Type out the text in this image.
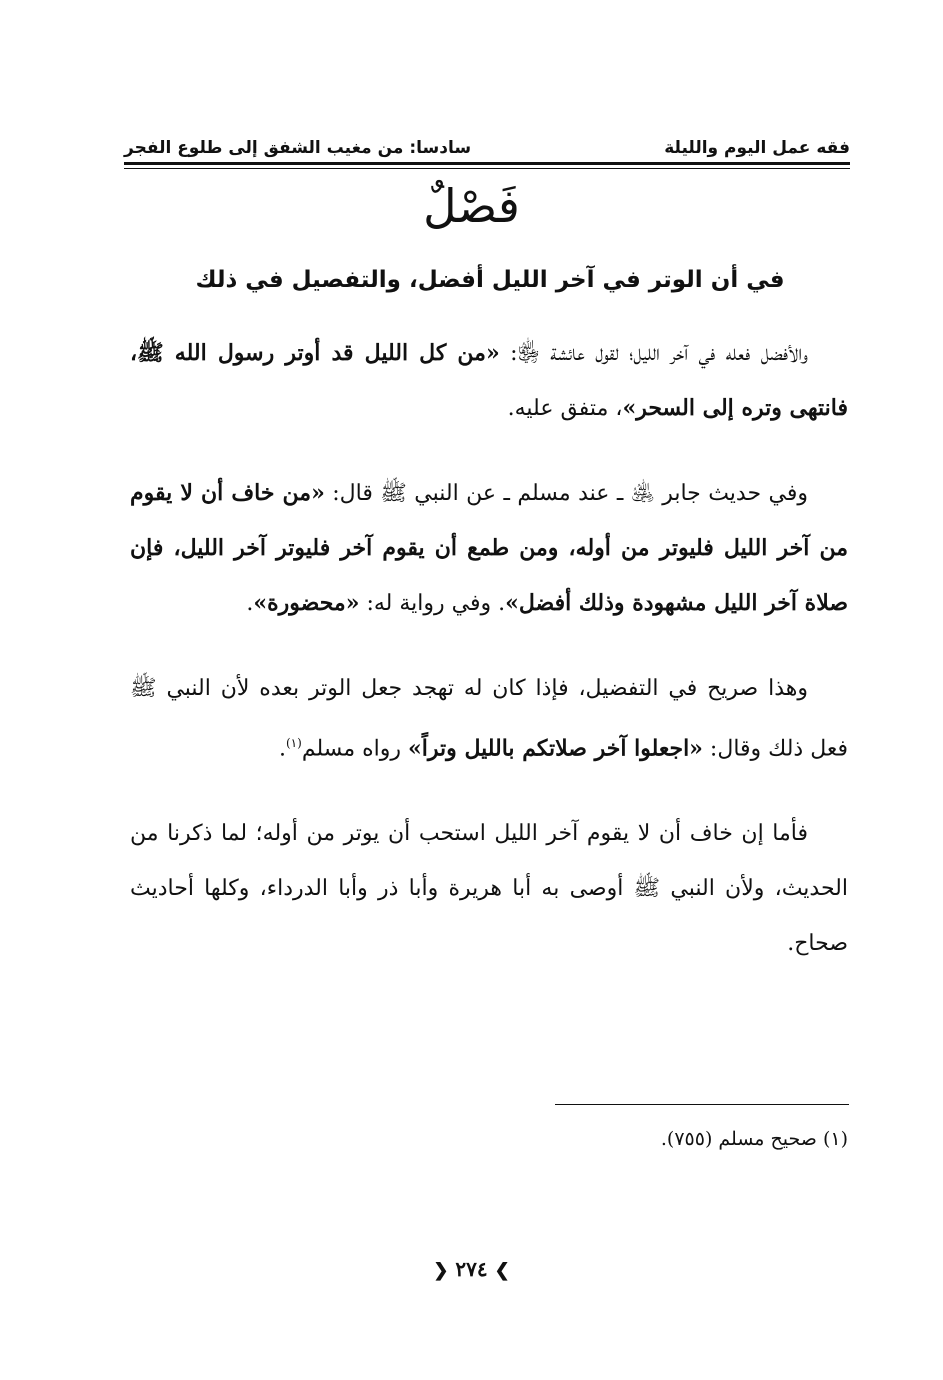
فقه عمل اليوم والليلة
سادسا: من مغيب الشفق إلى طلوع الفجر
فَصْلٌ
في أن الوتر في آخر الليل أفضل، والتفصيل في ذلك

والأفضل فعله في آخر الليل؛ لقول عائشة ﵂: «من كل الليل قد أوتر رسول الله ﷺ، فانتهى وتره إلى السحر»، متفق عليه.

وفي حديث جابر ﵁ ـ عند مسلم ـ عن النبي ﷺ قال: «من خاف أن لا يقوم من آخر الليل فليوتر من أوله، ومن طمع أن يقوم آخر فليوتر آخر الليل، فإن صلاة آخر الليل مشهودة وذلك أفضل». وفي رواية له: «محضورة».

وهذا صريح في التفضيل، فإذا كان له تهجد جعل الوتر بعده لأن النبي ﷺ فعل ذلك وقال: «اجعلوا آخر صلاتكم بالليل وتراً» رواه مسلم$^{(١)}$.

فأما إن خاف أن لا يقوم آخر الليل استحب أن يوتر من أوله؛ لما ذكرنا من الحديث، ولأن النبي ﷺ أوصى به أبا هريرة وأبا ذر وأبا الدرداء، وكلها أحاديث صحاح.

(١) صحيح مسلم (٧٥٥).
❯ ٢٧٤ ❮
